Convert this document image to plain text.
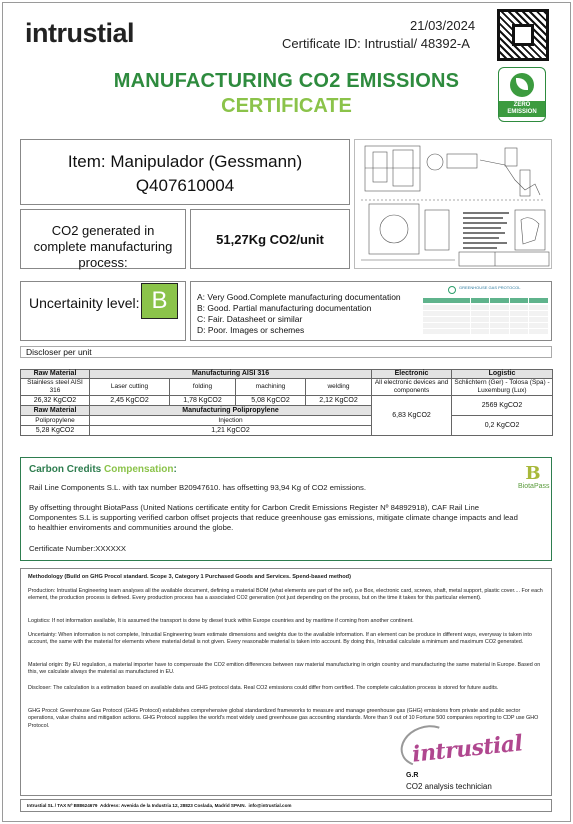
intrustial	21/03/2024
Certificate ID: Intrustial/ 48392-A
MANUFACTURING CO2 EMISSIONS
CERTIFICATE	ZERO EMISSION
Item: Manipulador (Gessmann)
Q407610004
CO2 generated in complete manufacturing process:
51,27Kg CO2/unit
Uncertainity level: B	A: Very Good.Complete manufacturing documentation
B: Good. Partial manufacturing documentation
C: Fair. Datasheet or similar
D: Poor. Images or schemes
GREENHOUSE GAS PROTOCOL
Discloser per unit
Raw Material	Manufacturing AISI 316				Electronic	Logistic
Stainless steel AISI 316	Laser cutting	folding	machining	welding	All electronic devices and components	Schlichtern (Ger) - Tolosa (Spa) - Luxemburg (Lux)
26,32 KgCO2	2,45 KgCO2	1,78 KgCO2	5,08 KgCO2	2,12 KgCO2	6,83 KgCO2	2569 KgCO2
Raw Material	Manufacturing Polipropylene					
Polipropylene	Injection					0,2 KgCO2
5,28 KgCO2	1,21 KgCO2					
Carbon Credits Compensation:
Rail Line Components S.L. with tax number B20947610. has offsetting 93,94 Kg of CO2 emissions.
By offsetting throught BiotaPass (United Nations certificate entity for Carbon Credit Emissions Register Nº 84892918), CAF Rail Line Componentes S.L is supporting verified carbon offset projects that reduce greenhouse gas emissions, mitigate climate change impacts and lead to healthier enviroments and communities around the globe.
Certificate Number:XXXXXX
B
BiotaPass
Methodology (Build on GHG Procol standard. Scope 3, Category 1 Purchased Goods and Services. Spend-based method)
Production: Intrustial Engineering team analyses all the available document, defining a material BOM (what elements are part of the set), p.e Box, electronic card, screws, shaft, metal support, plastic cover.... For each element, the production process is defined. Every production process has a associated CO2 generation (not just depending on the process, but on the time it takes for this particular element).
Logistics: If not information available, It is assumed the transport is done by diesel truck within Europe countries and by maritime if coming from another continent.
Uncertainty: When information is not complete, Intrustial Engineering team estimate dimensions and weights due to the available information. If an element can be produce in different ways, everyway is taken into account, the same with the material for elements where material detail is not given. Every reasonable material is taken into account. By doing this, Intrustial calculate a minimum and maximum CO2 generated.
Material origin: By EU regulation, a material importer have to compensate the CO2 emition differences between raw material manufacturing in origin country and manufacturing the same material in Europe. Based on this, we calculate always the material as manufactured in EU.
Discloser: The calculation is a estimation based on available data and GHG protocol data. Real CO2 emissions could differ from certified. The complete calculation process is stored for future audits.
GHG Procol: Greenhouse Gas Protocol (GHG Protocol) establishes comprehensive global standardized frameworks to measure and manage greenhouse gas (GHG) emissions from private and public sector operations, value chains and mitigation actions. GHG Protocol supplies the world's most widely used greenhouse gas accounting standards. More than 9 out of 10 Fortune 500 companies reporting to CDP use GHO Protocol.
intrustial
G.R
CO2 analysis technician
Intrustial SL / TAX Nº B88624679 Address: Avenida de la Industria 12, 28823 Coslada, Madrid SPAIN. info@intrustial.com
